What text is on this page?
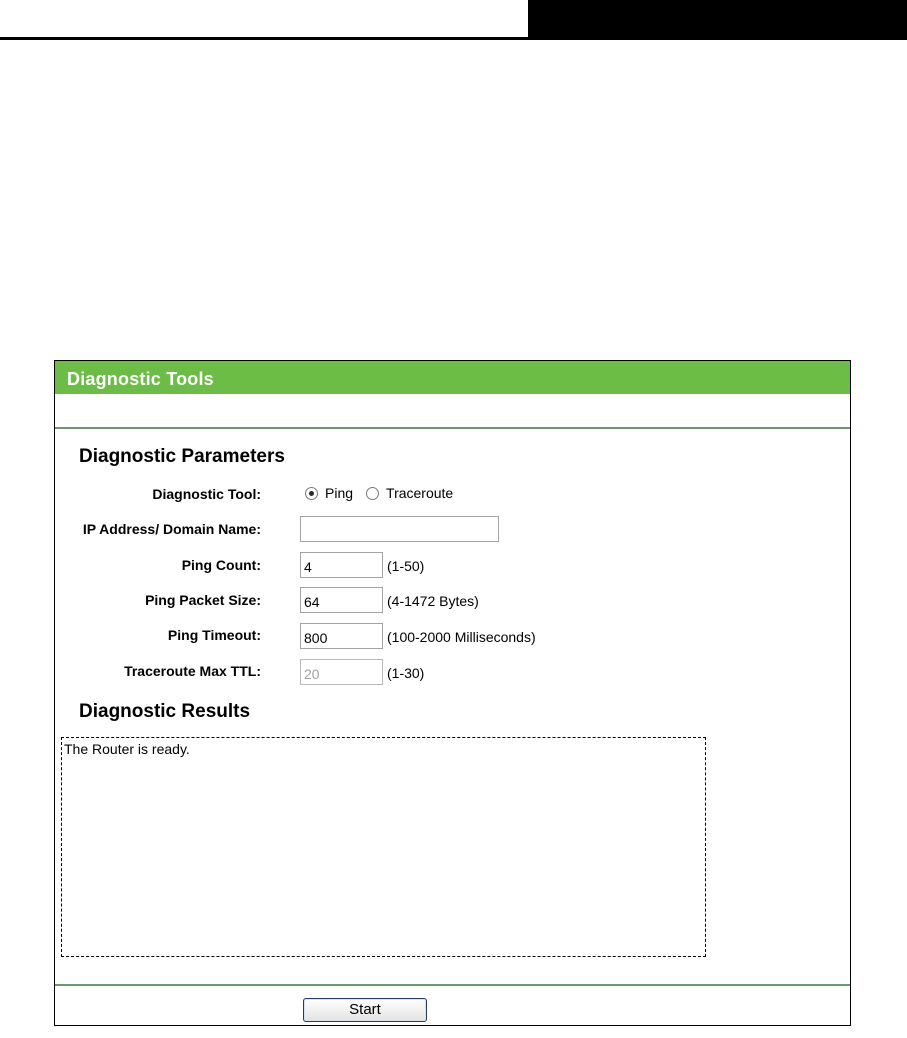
Diagnostic Tools
Diagnostic Parameters
Diagnostic Tool:	Ping Traceroute
IP Address/ Domain Name:
Ping Count:	4	(1-50)
Ping Packet Size:	64	(4-1472 Bytes)
Ping Timeout:	800	(100-2000 Milliseconds)
Traceroute Max TTL:	20	(1-30)
Diagnostic Results
The Router is ready.
Start
